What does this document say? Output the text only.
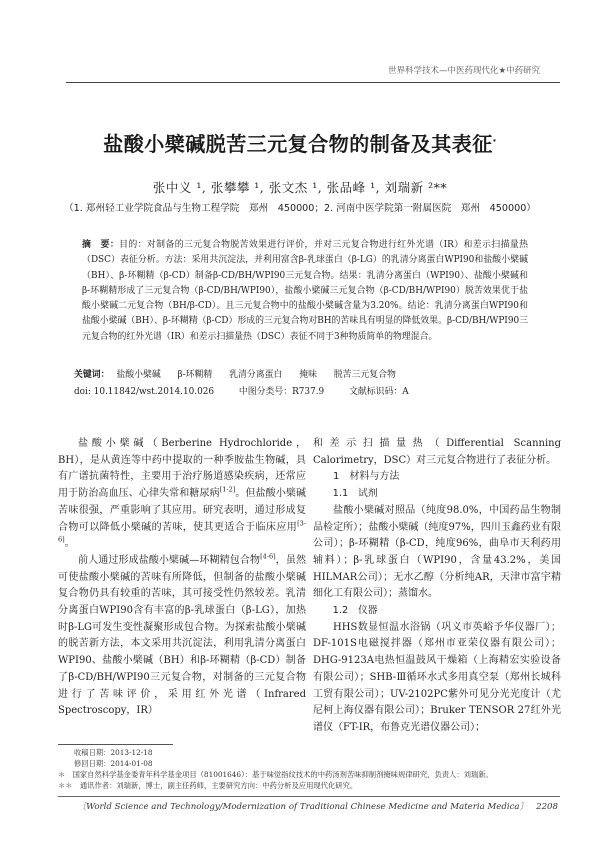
世界科学技术—中医药现代化★中药研究
盐酸小檗碱脱苦三元复合物的制备及其表征*
张中义 ¹, 张攀攀 ¹, 张文杰 ¹, 张品峰 ¹, 刘瑞新 ²**
（1. 郑州轻工业学院食品与生物工程学院　郑州　450000；2. 河南中医学院第一附属医院　郑州　450000）

摘　要：目的：对制备的三元复合物脱苦效果进行评价，并对三元复合物进行红外光谱（IR）和差示扫描量热（DSC）表征分析。方法：采用共沉淀法，并利用富含β-乳球蛋白（β-LG）的乳清分离蛋白WPI90和盐酸小檗碱（BH）、β-环糊精（β-CD）制备β-CD/BH/WPI90三元复合物。结果：乳清分离蛋白（WPI90）、盐酸小檗碱和β-环糊精形成了三元复合物（β-CD/BH/WPI90），盐酸小檗碱三元复合物（β-CD/BH/WPI90）脱苦效果优于盐酸小檗碱二元复合物（BH/β-CD）。且三元复合物中的盐酸小檗碱含量为3.20%。结论：乳清分离蛋白WPI90和盐酸小檗碱（BH）、β-环糊精（β-CD）形成的三元复合物对BH的苦味具有明显的降低效果。β-CD/BH/WPI90三元复合物的红外光谱（IR）和差示扫描量热（DSC）表征不同于3种物质简单的物理混合。

关键词： 盐酸小檗碱 β-环糊精 乳清分离蛋白 掩味 脱苦三元复合物
doi: 10.11842/wst.2014.10.026	中图分类号：R737.9	文献标识码：A

盐酸小檗碱（Berberine Hydrochloride，BH），是从黄连等中药中提取的一种季胺盐生物碱，具有广谱抗菌特性，主要用于治疗肠道感染疾病，还常应用于防治高血压、心律失常和糖尿病[1-2]。但盐酸小檗碱苦味很强，严重影响了其应用。研究表明，通过形成复合物可以降低小檗碱的苦味，使其更适合于临床应用[3-6]。

前人通过形成盐酸小檗碱—环糊精包合物[4-6]，虽然可使盐酸小檗碱的苦味有所降低，但制备的盐酸小檗碱复合物仍具有较重的苦味，其可接受性仍然较差。乳清分离蛋白WPI90含有丰富的β-乳球蛋白（β-LG），加热时β-LG可发生变性凝聚形成包合物。为探索盐酸小檗碱的脱苦新方法，本文采用共沉淀法，利用乳清分离蛋白WPI90、盐酸小檗碱（BH）和β-环糊精（β-CD）制备了β-CD/BH/WPI90三元复合物，对制备的三元复合物进行了苦味评价，采用红外光谱（Infrared Spectroscopy，IR）

和差示扫描量热（Differential Scanning Calorimetry，DSC）对三元复合物进行了表征分析。

1　材料与方法

1.1　试剂

盐酸小檗碱对照品（纯度98.0%，中国药品生物制品检定所）；盐酸小檗碱（纯度97%，四川玉鑫药业有限公司）；β-环糊精（β-CD，纯度96%，曲阜市天利药用辅料）；β-乳球蛋白（WPI90，含量43.2%，美国HILMAR公司）；无水乙醇（分析纯AR，天津市富宇精细化工有限公司）；蒸馏水。

1.2　仪器

HHS数显恒温水浴锅（巩义市英峪予华仪器厂）；DF-101S电磁搅拌器（郑州市亚荣仪器有限公司）；DHG-9123A电热恒温鼓风干燥箱（上海精宏实验设备有限公司）；SHB-Ⅲ循环水式多用真空泵（郑州长城科工贸有限公司）；UV-2102PC紫外可见分光光度计（尤尼柯上海仪器有限公司）；Bruker TENSOR 27红外光谱仪（FT-IR，布鲁克光谱仪器公司）；

收稿日期：2013-12-18
修回日期：2014-01-08
＊　国家自然科学基金委青年科学基金项目（81001646）：基于味觉指纹技术的中药汤剂苦味抑制剂掩味规律研究，负责人：刘瑞新。
＊＊　通讯作者：刘瑞新，博士，副主任药师，主要研究方向：中药分析及应用现代化研究。
〔World Science and Technology/Modernization of Traditional Chinese Medicine and Materia Medica〕 2208
